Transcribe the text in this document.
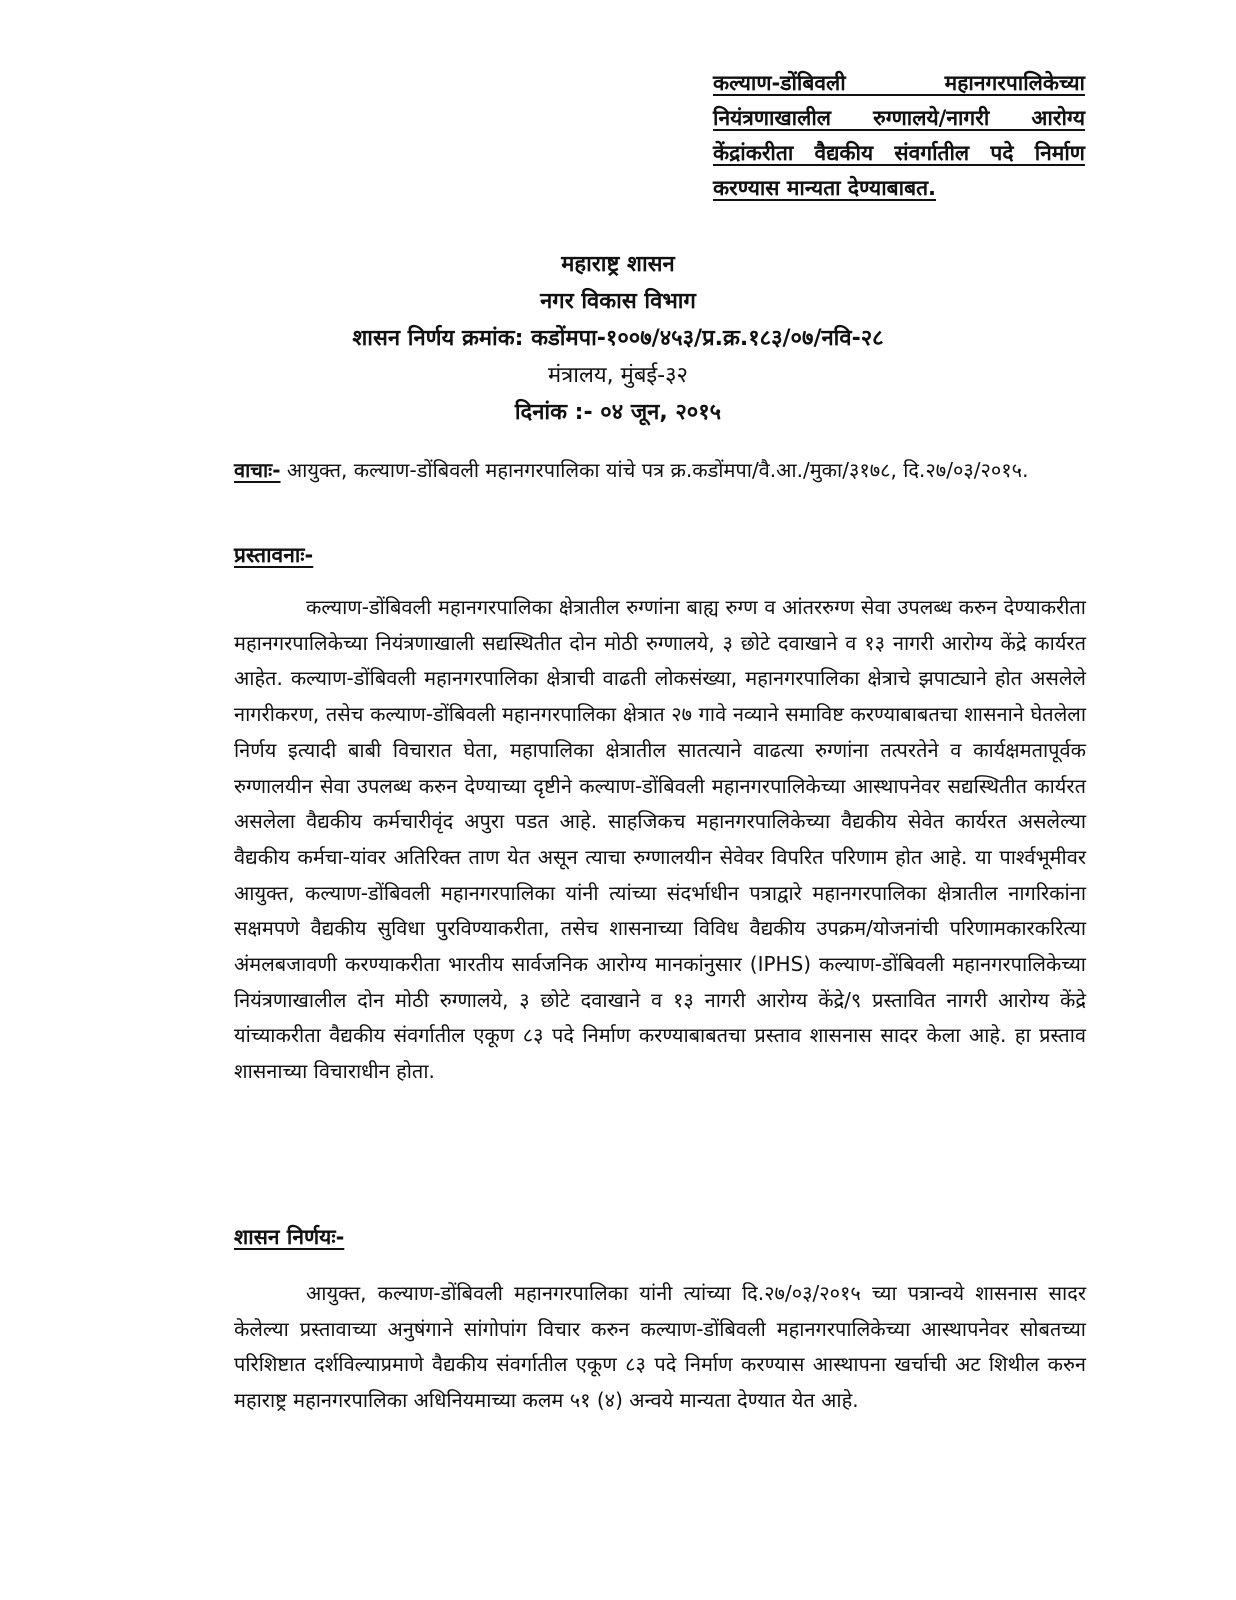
कल्याण-डोंबिवली महानगरपालिकेच्या नियंत्रणाखालील रुग्णालये/नागरी आरोग्य केंद्रांकरीता वैद्यकीय संवर्गातील पदे निर्माण करण्यास मान्यता देण्याबाबत.
महाराष्ट्र शासन
नगर विकास विभाग
शासन निर्णय क्रमांक: कडोंमपा-१००७/४५३/प्र.क्र.१८३/०७/नवि-२८
मंत्रालय, मुंबई-३२
दिनांक :- ०४ जून, २०१५
वाचाः- आयुक्त, कल्याण-डोंबिवली महानगरपालिका यांचे पत्र क्र.कडोंमपा/वै.आ./मुका/३१७८, दि.२७/०३/२०१५.
प्रस्तावनाः-
कल्याण-डोंबिवली महानगरपालिका क्षेत्रातील रुग्णांना बाह्य रुग्ण व आंतररुग्ण सेवा उपलब्ध करुन देण्याकरीता महानगरपालिकेच्या नियंत्रणाखाली सद्यस्थितीत दोन मोठी रुग्णालये, ३ छोटे दवाखाने व १३ नागरी आरोग्य केंद्रे कार्यरत आहेत. कल्याण-डोंबिवली महानगरपालिका क्षेत्राची वाढती लोकसंख्या, महानगरपालिका क्षेत्राचे झपाट्याने होत असलेले नागरीकरण, तसेच कल्याण-डोंबिवली महानगरपालिका क्षेत्रात २७ गावे नव्याने समाविष्ट करण्याबाबतचा शासनाने घेतलेला निर्णय इत्यादी बाबी विचारात घेता, महापालिका क्षेत्रातील सातत्याने वाढत्या रुग्णांना तत्परतेने व कार्यक्षमतापूर्वक रुग्णालयीन सेवा उपलब्ध करुन देण्याच्या दृष्टीने कल्याण-डोंबिवली महानगरपालिकेच्या आस्थापनेवर सद्यस्थितीत कार्यरत असलेला वैद्यकीय कर्मचारीवृंद अपुरा पडत आहे. साहजिकच महानगरपालिकेच्या वैद्यकीय सेवेत कार्यरत असलेल्या वैद्यकीय कर्मचा-यांवर अतिरिक्त ताण येत असून त्याचा रुग्णालयीन सेवेवर विपरित परिणाम होत आहे. या पार्श्वभूमीवर आयुक्त, कल्याण-डोंबिवली महानगरपालिका यांनी त्यांच्या संदर्भाधीन पत्राद्वारे महानगरपालिका क्षेत्रातील नागरिकांना सक्षमपणे वैद्यकीय सुविधा पुरविण्याकरीता, तसेच शासनाच्या विविध वैद्यकीय उपक्रम/योजनांची परिणामकारकरित्या अंमलबजावणी करण्याकरीता भारतीय सार्वजनिक आरोग्य मानकांनुसार (IPHS) कल्याण-डोंबिवली महानगरपालिकेच्या नियंत्रणाखालील दोन मोठी रुग्णालये, ३ छोटे दवाखाने व १३ नागरी आरोग्य केंद्रे/९ प्रस्तावित नागरी आरोग्य केंद्रे यांच्याकरीता वैद्यकीय संवर्गातील एकूण ८३ पदे निर्माण करण्याबाबतचा प्रस्ताव शासनास सादर केला आहे. हा प्रस्ताव शासनाच्या विचाराधीन होता.
शासन निर्णयः-
आयुक्त, कल्याण-डोंबिवली महानगरपालिका यांनी त्यांच्या दि.२७/०३/२०१५ च्या पत्रान्वये शासनास सादर केलेल्या प्रस्तावाच्या अनुषंगाने सांगोपांग विचार करुन कल्याण-डोंबिवली महानगरपालिकेच्या आस्थापनेवर सोबतच्या परिशिष्टात दर्शविल्याप्रमाणे वैद्यकीय संवर्गातील एकूण ८३ पदे निर्माण करण्यास आस्थापना खर्चाची अट शिथील करुन महाराष्ट्र महानगरपालिका अधिनियमाच्या कलम ५१ (४) अन्वये मान्यता देण्यात येत आहे.
